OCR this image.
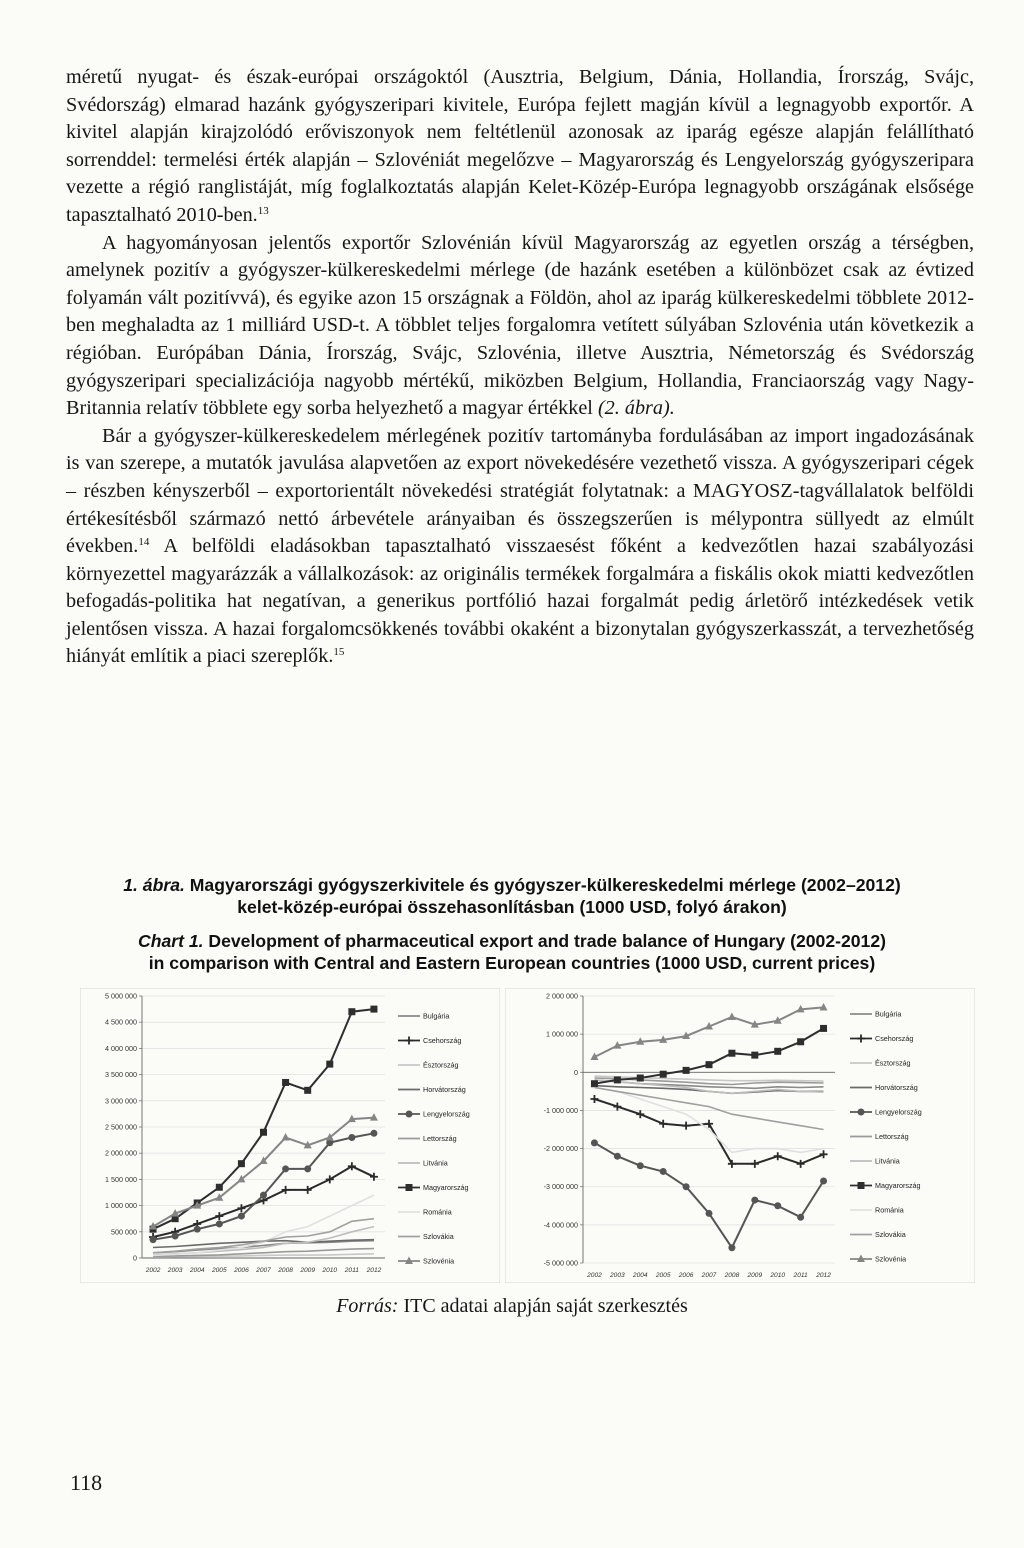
méretű nyugat- és észak-európai országoktól (Ausztria, Belgium, Dánia, Hollandia, Írország, Svájc, Svédország) elmarad hazánk gyógyszeripari kivitele, Európa fejlett magján kívül a legnagyobb exportőr. A kivitel alapján kirajzolódó erőviszonyok nem feltétlenül azonosak az iparág egésze alapján felállítható sorrenddel: termelési érték alapján – Szlovéniát megelőzve – Magyarország és Lengyelország gyógyszeripara vezette a régió ranglistáját, míg foglalkoztatás alapján Kelet-Közép-Európa legnagyobb országának elsősége tapasztalható 2010-ben.$^{13}$

A hagyományosan jelentős exportőr Szlovénián kívül Magyarország az egyetlen ország a térségben, amelynek pozitív a gyógyszer-külkereskedelmi mérlege (de hazánk esetében a különbözet csak az évtized folyamán vált pozitívvá), és egyike azon 15 országnak a Földön, ahol az iparág külkereskedelmi többlete 2012-ben meghaladta az 1 milliárd USD-t. A többlet teljes forgalomra vetített súlyában Szlovénia után következik a régióban. Európában Dánia, Írország, Svájc, Szlovénia, illetve Ausztria, Németország és Svédország gyógyszeripari specializációja nagyobb mértékű, miközben Belgium, Hollandia, Franciaország vagy Nagy-Britannia relatív többlete egy sorba helyezhető a magyar értékkel (2. ábra).

Bár a gyógyszer-külkereskedelem mérlegének pozitív tartományba fordulásában az import ingadozásának is van szerepe, a mutatók javulása alapvetően az export növekedésére vezethető vissza. A gyógyszeripari cégek – részben kényszerből – exportorientált növekedési stratégiát folytatnak: a MAGYOSZ-tagvállalatok belföldi értékesítésből származó nettó árbevétele arányaiban és összegszerűen is mélypontra süllyedt az elmúlt években.$^{14}$ A belföldi eladásokban tapasztalható visszaesést főként a kedvezőtlen hazai szabályozási környezettel magyarázzák a vállalkozások: az originális termékek forgalmára a fiskális okok miatti kedvezőtlen befogadás-politika hat negatívan, a generikus portfólió hazai forgalmát pedig árletörő intézkedések vetik jelentősen vissza. A hazai forgalomcsökkenés további okaként a bizonytalan gyógyszerkasszát, a tervezhetőség hiányát említik a piaci szereplők.$^{15}$

1. ábra. Magyarországi gyógyszerkivitele és gyógyszer-külkereskedelmi mérlege (2002–2012)
kelet-közép-európai összehasonlításban (1000 USD, folyó árakon)
Chart 1. Development of pharmaceutical export and trade balance of Hungary (2002-2012)
in comparison with Central and Eastern European countries (1000 USD, current prices)
0
500 000
1 000 000
1 500 000
2 000 000
2 500 000
3 000 000
3 500 000
4 000 000
4 500 000
5 000 000
2002 2003 2004 2005 2006 2007 2008 2009 2010 2011 2012
Bulgária
Csehország
Észtország
Horvátország
Lengyelország
Lettország
Litvánia
Magyarország
Románia
Szlovákia
Szlovénia	-5 000 000
-4 000 000
-3 000 000
-2 000 000
-1 000 000
0
1 000 000
2 000 000
2002 2003 2004 2005 2006 2007 2008 2009 2010 2011 2012
Bulgária
Csehország
Észtország
Horvátország
Lengyelország
Lettország
Litvánia
Magyarország
Románia
Szlovákia
Szlovénia
Forrás: ITC adatai alapján saját szerkesztés
118
